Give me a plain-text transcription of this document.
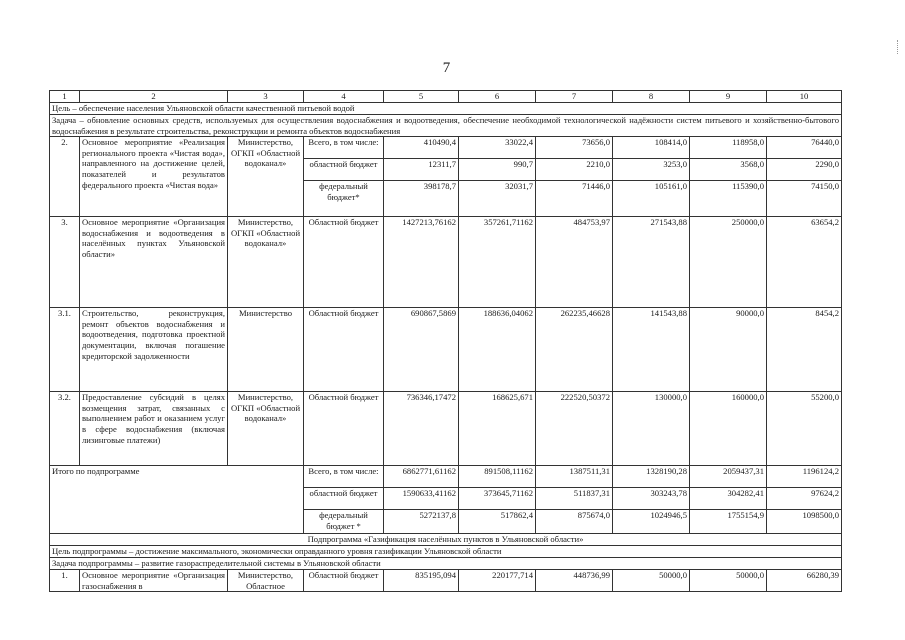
7
1	2	3	4	5	6	7	8	9	10
Цель – обеспечение населения Ульяновской области качественной питьевой водой									
Задача – обновление основных средств, используемых для осуществления водоснабжения и водоотведения, обеспечение необходимой технологической надёжности систем питьевого и хозяйственно-бытового водоснабжения в результате строительства, реконструкции и ремонта объектов водоснабжения									
2.	Основное мероприятие «Реализация регионального проекта «Чистая вода», направленного на достижение целей, показателей и результатов федерального проекта «Чистая вода»	Министерство, ОГКП «Областной водоканал»	Всего, в том числе:	410490,4	33022,4	73656,0	108414,0	118958,0	76440,0
			областной бюджет	12311,7	990,7	2210,0	3253,0	3568,0	2290,0
			федеральный бюджет*	398178,7	32031,7	71446,0	105161,0	115390,0	74150,0
3.	Основное мероприятие «Организация водоснабжения и водоотведения в населённых пунктах Ульяновской области»	Министерство, ОГКП «Областной водоканал»	Областной бюджет	1427213,76162	357261,71162	484753,97	271543,88	250000,0	63654,2
3.1.	Строительство, реконструкция, ремонт объектов водоснабжения и водоотведения, подготовка проектной документации, включая погашение кредиторской задолженности	Министерство	Областной бюджет	690867,5869	188636,04062	262235,46628	141543,88	90000,0	8454,2
3.2.	Предоставление субсидий в целях возмещения затрат, связанных с выполнением работ и оказанием услуг в сфере водоснабжения (включая лизинговые платежи)	Министерство, ОГКП «Областной водоканал»	Областной бюджет	736346,17472	168625,671	222520,50372	130000,0	160000,0	55200,0
Итого по подпрограмме			Всего, в том числе:	6862771,61162	891508,11162	1387511,31	1328190,28	2059437,31	1196124,2
			областной бюджет	1590633,41162	373645,71162	511837,31	303243,78	304282,41	97624,2
			федеральный бюджет *	5272137,8	517862,4	875674,0	1024946,5	1755154,9	1098500,0
Подпрограмма «Газификация населённых пунктов в Ульяновской области»									
Цель подпрограммы – достижение максимального, экономически оправданного уровня газификации Ульяновской области									
Задача подпрограммы – развитие газораспределительной системы в Ульяновской области									
1.	Основное мероприятие «Организация газоснабжения в	Министерство, Областное	Областной бюджет	835195,094	220177,714	448736,99	50000,0	50000,0	66280,39
